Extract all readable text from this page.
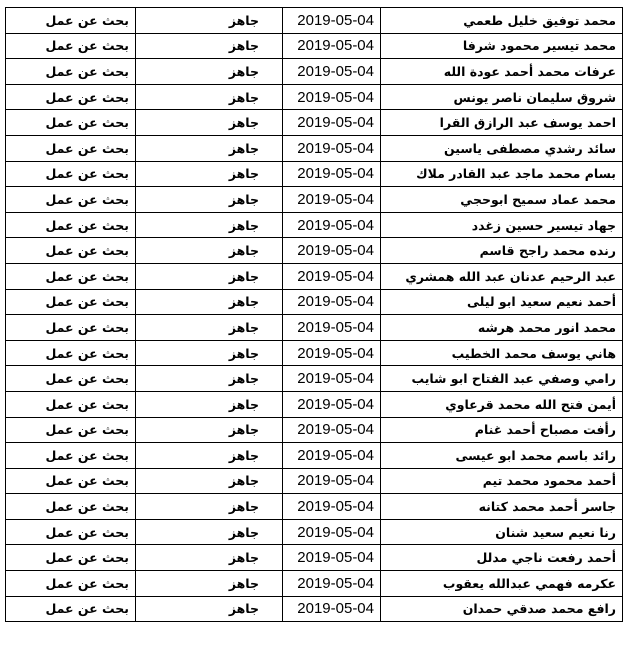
بحث عن عمل	جاهز	2019-05-04	محمد توفيق خليل طعمي
بحث عن عمل	جاهز	2019-05-04	محمد تيسير محمود شرفا
بحث عن عمل	جاهز	2019-05-04	عرفات محمد أحمد عودة الله
بحث عن عمل	جاهز	2019-05-04	شروق سليمان ناصر يونس
بحث عن عمل	جاهز	2019-05-04	احمد يوسف عبد الرازق القرا
بحث عن عمل	جاهز	2019-05-04	سائد رشدي مصطفى ياسين
بحث عن عمل	جاهز	2019-05-04	بسام محمد ماجد عبد القادر ملاك
بحث عن عمل	جاهز	2019-05-04	محمد عماد سميح ابوحجي
بحث عن عمل	جاهز	2019-05-04	جهاد تيسير حسين زغدد
بحث عن عمل	جاهز	2019-05-04	رنده محمد راجح قاسم
بحث عن عمل	جاهز	2019-05-04	عبد الرحيم عدنان عبد الله همشري
بحث عن عمل	جاهز	2019-05-04	أحمد نعيم سعيد ابو ليلى
بحث عن عمل	جاهز	2019-05-04	محمد انور محمد هرشه
بحث عن عمل	جاهز	2019-05-04	هاني يوسف محمد الخطيب
بحث عن عمل	جاهز	2019-05-04	رامي وصفي عبد الفتاح ابو شايب
بحث عن عمل	جاهز	2019-05-04	أيمن فتح الله محمد قرعاوي
بحث عن عمل	جاهز	2019-05-04	رأفت مصباح أحمد غنام
بحث عن عمل	جاهز	2019-05-04	رائد باسم محمد ابو عيسى
بحث عن عمل	جاهز	2019-05-04	أحمد محمود محمد تيم
بحث عن عمل	جاهز	2019-05-04	جاسر أحمد محمد كتانه
بحث عن عمل	جاهز	2019-05-04	رنا نعيم سعيد شنان
بحث عن عمل	جاهز	2019-05-04	أحمد رفعت ناجي مدلل
بحث عن عمل	جاهز	2019-05-04	عكرمه فهمي عبدالله يعقوب
بحث عن عمل	جاهز	2019-05-04	رافع محمد صدقي حمدان
